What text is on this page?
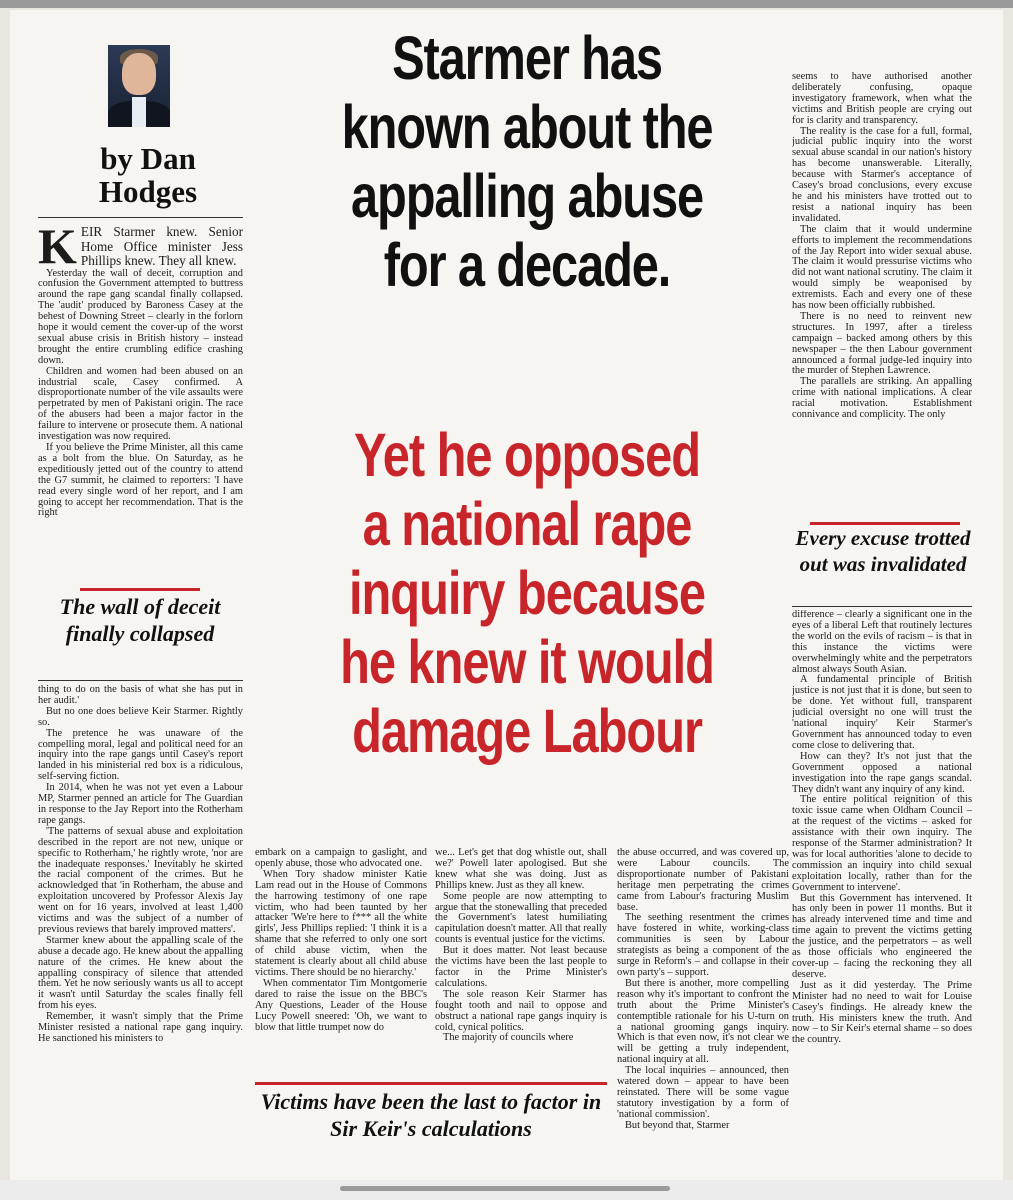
by Dan Hodges

KEIR Starmer knew. Senior Home Office minister Jess Phillips knew. They all knew.

Yesterday the wall of deceit, corruption and confusion the Government attempted to buttress around the rape gang scandal finally collapsed. The 'audit' produced by Baroness Casey at the behest of Downing Street – clearly in the forlorn hope it would cement the cover-up of the worst sexual abuse crisis in British history – instead brought the entire crumbling edifice crashing down.

Children and women had been abused on an industrial scale, Casey confirmed. A disproportionate number of the vile assaults were perpetrated by men of Pakistani origin. The race of the abusers had been a major factor in the failure to intervene or prosecute them. A national investigation was now required.

If you believe the Prime Minister, all this came as a bolt from the blue. On Saturday, as he expeditiously jetted out of the country to attend the G7 summit, he claimed to reporters: 'I have read every single word of her report, and I am going to accept her recommendation. That is the right

The wall of deceit finally collapsed

thing to do on the basis of what she has put in her audit.'

But no one does believe Keir Starmer. Rightly so.

The pretence he was unaware of the compelling moral, legal and political need for an inquiry into the rape gangs until Casey's report landed in his ministerial red box is a ridiculous, self-serving fiction.

In 2014, when he was not yet even a Labour MP, Starmer penned an article for The Guardian in response to the Jay Report into the Rotherham rape gangs.

'The patterns of sexual abuse and exploitation described in the report are not new, unique or specific to Rotherham,' he rightly wrote, 'nor are the inadequate responses.' Inevitably he skirted the racial component of the crimes. But he acknowledged that 'in Rotherham, the abuse and exploitation uncovered by Professor Alexis Jay went on for 16 years, involved at least 1,400 victims and was the subject of a number of previous reviews that barely improved matters'.

Starmer knew about the appalling scale of the abuse a decade ago. He knew about the appalling nature of the crimes. He knew about the appalling conspiracy of silence that attended them. Yet he now seriously wants us all to accept it wasn't until Saturday the scales finally fell from his eyes.

Remember, it wasn't simply that the Prime Minister resisted a national rape gang inquiry. He sanctioned his ministers to

Starmer has
known about the
appalling abuse
for a decade.
Yet he opposed
a national rape
inquiry because
he knew it would
damage Labour

embark on a campaign to gaslight, and openly abuse, those who advocated one.

When Tory shadow minister Katie Lam read out in the House of Commons the harrowing testimony of one rape victim, who had been taunted by her attacker 'We're here to f*** all the white girls', Jess Phillips replied: 'I think it is a shame that she referred to only one sort of child abuse victim, when the statement is clearly about all child abuse victims. There should be no hierarchy.'

When commentator Tim Montgomerie dared to raise the issue on the BBC's Any Questions, Leader of the House Lucy Powell sneered: 'Oh, we want to blow that little trumpet now do

we... Let's get that dog whistle out, shall we?' Powell later apologised. But she knew what she was doing. Just as Phillips knew. Just as they all knew.

Some people are now attempting to argue that the stonewalling that preceded the Government's latest humiliating capitulation doesn't matter. All that really counts is eventual justice for the victims.

But it does matter. Not least because the victims have been the last people to factor in the Prime Minister's calculations.

The sole reason Keir Starmer has fought tooth and nail to oppose and obstruct a national rape gangs inquiry is cold, cynical politics.

The majority of councils where

Victims have been the last to factor in Sir Keir's calculations

the abuse occurred, and was covered up, were Labour councils. The disproportionate number of Pakistani heritage men perpetrating the crimes came from Labour's fracturing Muslim base.

The seething resentment the crimes have fostered in white, working-class communities is seen by Labour strategists as being a component of the surge in Reform's – and collapse in their own party's – support.

But there is another, more compelling reason why it's important to confront the truth about the Prime Minister's contemptible rationale for his U-turn on a national grooming gangs inquiry. Which is that even now, it's not clear we will be getting a truly independent, national inquiry at all.

The local inquiries – announced, then watered down – appear to have been reinstated. There will be some vague statutory investigation by a form of 'national commission'.

But beyond that, Starmer

seems to have authorised another deliberately confusing, opaque investigatory framework, when what the victims and British people are crying out for is clarity and transparency.

The reality is the case for a full, formal, judicial public inquiry into the worst sexual abuse scandal in our nation's history has become unanswerable. Literally, because with Starmer's acceptance of Casey's broad conclusions, every excuse he and his ministers have trotted out to resist a national inquiry has been invalidated.

The claim that it would undermine efforts to implement the recommendations of the Jay Report into wider sexual abuse. The claim it would pressurise victims who did not want national scrutiny. The claim it would simply be weaponised by extremists. Each and every one of these has now been officially rubbished.

There is no need to reinvent new structures. In 1997, after a tireless campaign – backed among others by this newspaper – the then Labour government announced a formal judge-led inquiry into the murder of Stephen Lawrence.

The parallels are striking. An appalling crime with national implications. A clear racial motivation. Establishment connivance and complicity. The only

Every excuse trotted out was invalidated

difference – clearly a significant one in the eyes of a liberal Left that routinely lectures the world on the evils of racism – is that in this instance the victims were overwhelmingly white and the perpetrators almost always South Asian.

A fundamental principle of British justice is not just that it is done, but seen to be done. Yet without full, transparent judicial oversight no one will trust the 'national inquiry' Keir Starmer's Government has announced today to even come close to delivering that.

How can they? It's not just that the Government opposed a national investigation into the rape gangs scandal. They didn't want any inquiry of any kind.

The entire political reignition of this toxic issue came when Oldham Council – at the request of the victims – asked for assistance with their own inquiry. The response of the Starmer administration? It was for local authorities 'alone to decide to commission an inquiry into child sexual exploitation locally, rather than for the Government to intervene'.

But this Government has intervened. It has only been in power 11 months. But it has already intervened time and time and time again to prevent the victims getting the justice, and the perpetrators – as well as those officials who engineered the cover-up – facing the reckoning they all deserve.

Just as it did yesterday. The Prime Minister had no need to wait for Louise Casey's findings. He already knew the truth. His ministers knew the truth. And now – to Sir Keir's eternal shame – so does the country.
